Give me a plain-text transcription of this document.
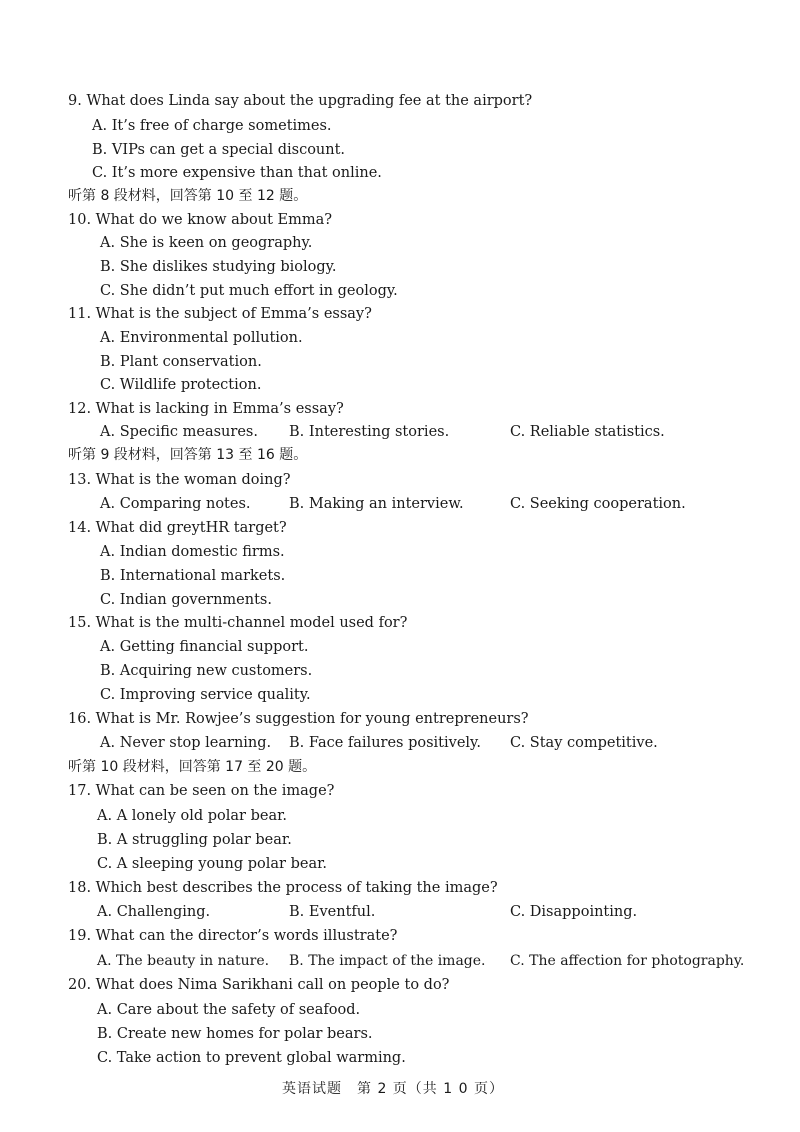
9. What does Linda say about the upgrading fee at the airport?
A. It’s free of charge sometimes.
B. VIPs can get a special discount.
C. It’s more expensive than that online.
听第 8 段材料，回答第 10 至 12 题。
10. What do we know about Emma?
A. She is keen on geography.
B. She dislikes studying biology.
C. She didn’t put much effort in geology.
11. What is the subject of Emma’s essay?
A. Environmental pollution.
B. Plant conservation.
C. Wildlife protection.
12. What is lacking in Emma’s essay?
A. Specific measures. B. Interesting stories.	C. Reliable statistics.
听第 9 段材料，回答第 13 至 16 题。
13. What is the woman doing?
A. Comparing notes.	B. Making an interview.	C. Seeking cooperation.
14. What did greytHR target?
A. Indian domestic firms.
B. International markets.
C. Indian governments.
15. What is the multi-channel model used for?
A. Getting financial support.
B. Acquiring new customers.
C. Improving service quality.
16. What is Mr. Rowjee’s suggestion for young entrepreneurs?
A. Never stop learning. B. Face failures positively. C. Stay competitive.
听第 10 段材料，回答第 17 至 20 题。
17. What can be seen on the image?
A. A lonely old polar bear.
B. A struggling polar bear.
C. A sleeping young polar bear.
18. Which best describes the process of taking the image?
A. Challenging.	B. Eventful.	C. Disappointing.
19. What can the director’s words illustrate?
A. The beauty in nature. B. The impact of the image. C. The affection for photography.
20. What does Nima Sarikhani call on people to do?
A. Care about the safety of seafood.
B. Create new homes for polar bears.
C. Take action to prevent global warming.
英语试题　第 2 页（共 1 0 页）
